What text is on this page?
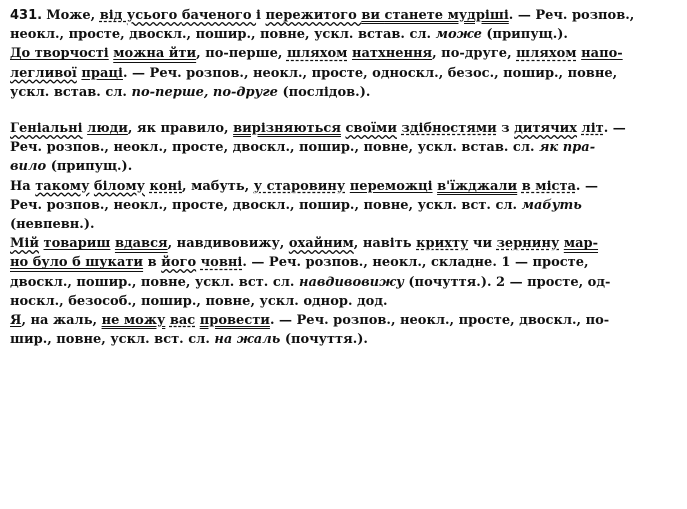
431. Може, від усього баченого і пережитого ви станете мудріші. — Реч. розпов.,
неокл., просте, двоскл., пошир., повне, ускл. встав. сл. може (припущ.).
До творчості можна йти, по-перше, шляхом натхнення, по-друге, шляхом напо-
легливої праці. — Реч. розпов., неокл., просте, односкл., безос., пошир., повне,
ускл. встав. сл. по-перше, по-друге (послідов.).
Геніальні люди, як правило, вирізняються своїми здібностями з дитячих літ. —
Реч. розпов., неокл., просте, двоскл., пошир., повне, ускл. встав. сл. як пра-
вило (припущ.).
На такому білому коні, мабуть, у старовину переможці в'їжджали в міста. —
Реч. розпов., неокл., просте, двоскл., пошир., повне, ускл. вст. сл. мабуть
(невпевн.).
Мій товариш вдався, навдивовижу, охайним, навіть крихту чи зернину мар-
но було б шукати в його човні. — Реч. розпов., неокл., складне. 1 — просте,
двоскл., пошир., повне, ускл. вст. сл. навдивовижу (почуття.). 2 — просте, од-
носкл., безособ., пошир., повне, ускл. однор. дод.
Я, на жаль, не можу вас провести. — Реч. розпов., неокл., просте, двоскл., по-
шир., повне, ускл. вст. сл. на жаль (почуття.).
